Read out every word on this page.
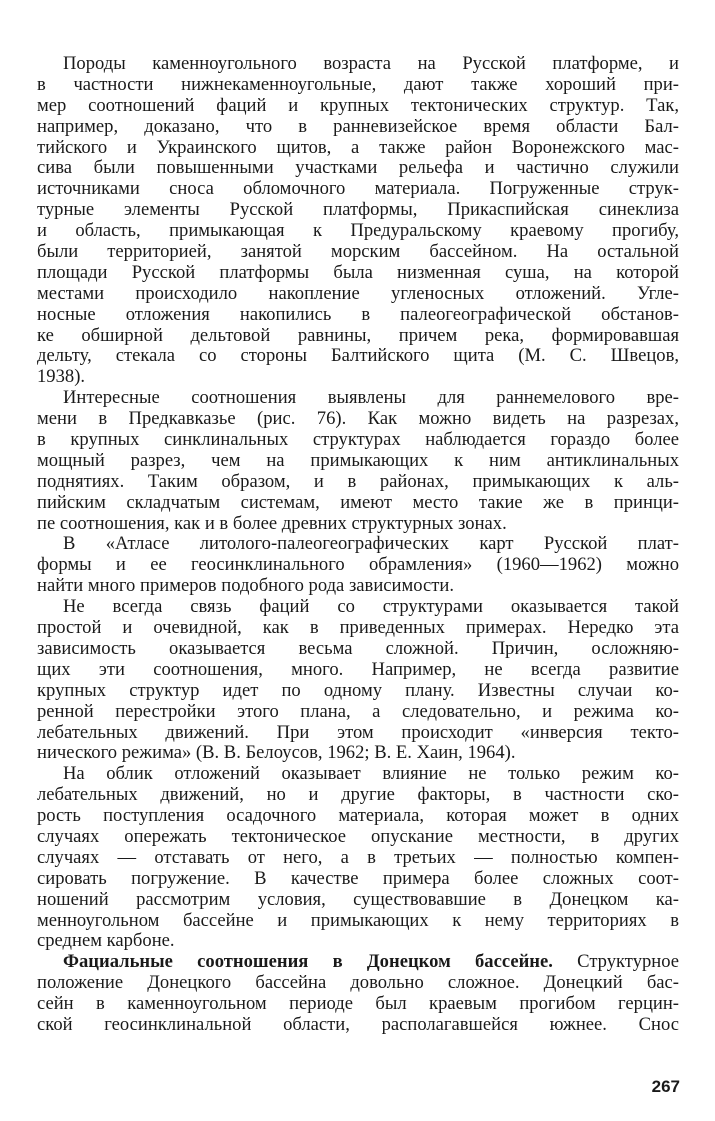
Породы каменноугольного возраста на Русской платформе, и
в частности нижнекаменноугольные, дают также хороший при-
мер соотношений фаций и крупных тектонических структур. Так,
например, доказано, что в ранневизейское время области Бал-
тийского и Украинского щитов, а также район Воронежского мас-
сива были повышенными участками рельефа и частично служили
источниками сноса обломочного материала. Погруженные струк-
турные элементы Русской платформы, Прикаспийская синеклиза
и область, примыкающая к Предуральскому краевому прогибу,
были территорией, занятой морским бассейном. На остальной
площади Русской платформы была низменная суша, на которой
местами происходило накопление угленосных отложений. Угле-
носные отложения накопились в палеогеографической обстанов-
ке обширной дельтовой равнины, причем река, формировавшая
дельту, стекала со стороны Балтийского щита (М. С. Швецов,
1938).
Интересные соотношения выявлены для раннемелового вре-
мени в Предкавказье (рис. 76). Как можно видеть на разрезах,
в крупных синклинальных структурах наблюдается гораздо более
мощный разрез, чем на примыкающих к ним антиклинальных
поднятиях. Таким образом, и в районах, примыкающих к аль-
пийским складчатым системам, имеют место такие же в принци-
пе соотношения, как и в более древних структурных зонах.
В «Атласе литолого-палеогеографических карт Русской плат-
формы и ее геосинклинального обрамления» (1960—1962) можно
найти много примеров подобного рода зависимости.
Не всегда связь фаций со структурами оказывается такой
простой и очевидной, как в приведенных примерах. Нередко эта
зависимость оказывается весьма сложной. Причин, осложняю-
щих эти соотношения, много. Например, не всегда развитие
крупных структур идет по одному плану. Известны случаи ко-
ренной перестройки этого плана, а следовательно, и режима ко-
лебательных движений. При этом происходит «инверсия текто-
нического режима» (В. В. Белоусов, 1962; В. Е. Хаин, 1964).
На облик отложений оказывает влияние не только режим ко-
лебательных движений, но и другие факторы, в частности ско-
рость поступления осадочного материала, которая может в одних
случаях опережать тектоническое опускание местности, в других
случаях — отставать от него, а в третьих — полностью компен-
сировать погружение. В качестве примера более сложных соот-
ношений рассмотрим условия, существовавшие в Донецком ка-
менноугольном бассейне и примыкающих к нему территориях в
среднем карбоне.
Фациальные соотношения в Донецком бассейне. Структурное
положение Донецкого бассейна довольно сложное. Донецкий бас-
сейн в каменноугольном периоде был краевым прогибом герцин-
ской геосинклинальной области, располагавшейся южнее. Снос
267
